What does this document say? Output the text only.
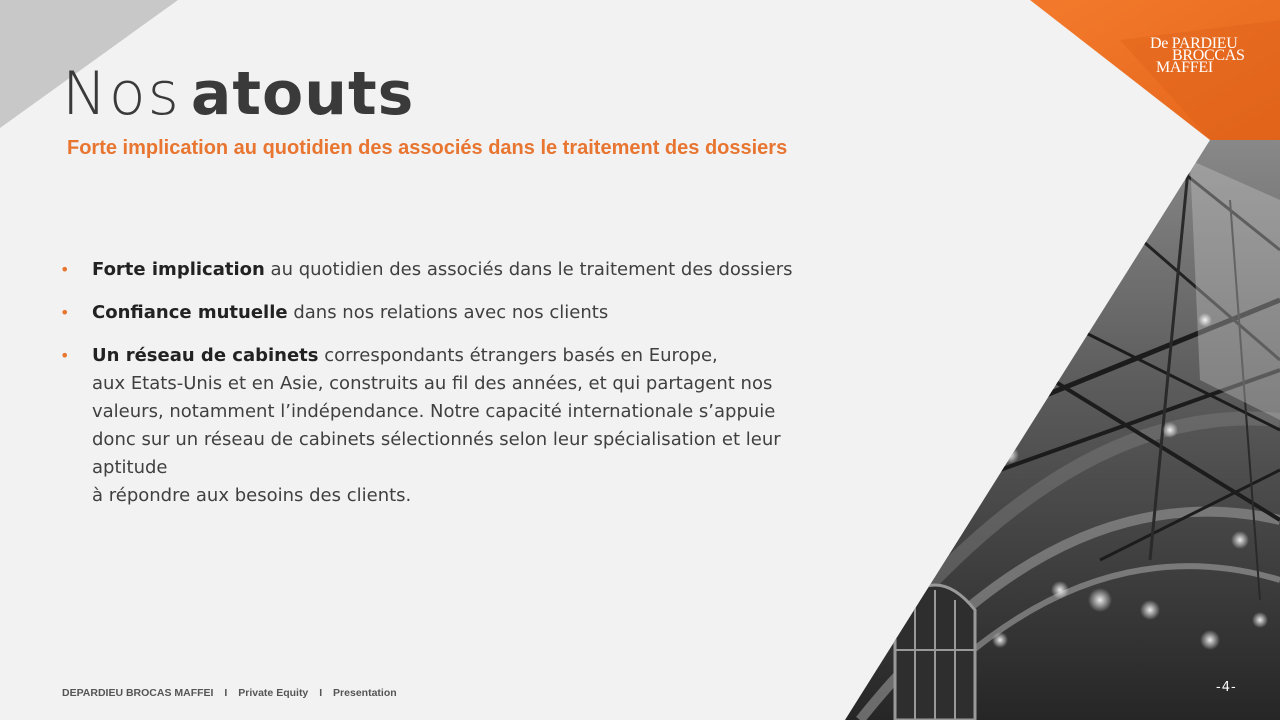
De PARDIEU
BROCCAS
MAFFEI
Nos atouts

Forte implication au quotidien des associés dans le traitement des dossiers

• Forte implication au quotidien des associés dans le traitement des dossiers
• Confiance mutuelle dans nos relations avec nos clients
• Un réseau de cabinets correspondants étrangers basés en Europe,
aux Etats-Unis et en Asie, construits au fil des années, et qui partagent nos
valeurs, notamment l’indépendance. Notre capacité internationale s’appuie
donc sur un réseau de cabinets sélectionnés selon leur spécialisation et leur
aptitude
à répondre aux besoins des clients.
DEPARDIEU BROCAS MAFFEI I Private Equity I Presentation	-4-
